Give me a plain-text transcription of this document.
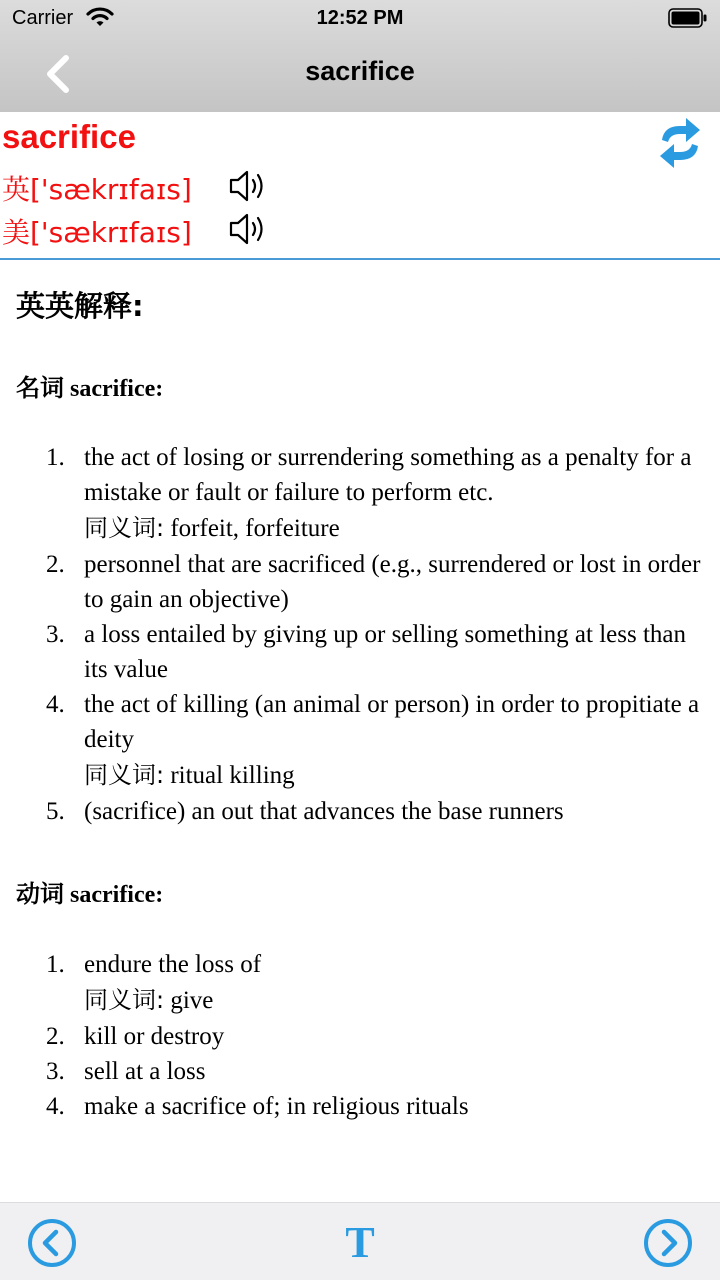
Carrier	12:52 PM
sacrifice
sacrifice
英['sækrɪfaɪs]
美['sækrɪfaɪs]
英英解释:
名词 sacrifice:
1. the act of losing or surrendering something as a penalty for a mistake or fault or failure to perform etc.
同义词: forfeit, forfeiture
2. personnel that are sacrificed (e.g., surrendered or lost in order to gain an objective)
3. a loss entailed by giving up or selling something at less than its value
4. the act of killing (an animal or person) in order to propitiate a deity
同义词: ritual killing
5. (sacrifice) an out that advances the base runners
动词 sacrifice:
1. endure the loss of
同义词: give
2. kill or destroy
3. sell at a loss
4. make a sacrifice of; in religious rituals
T
